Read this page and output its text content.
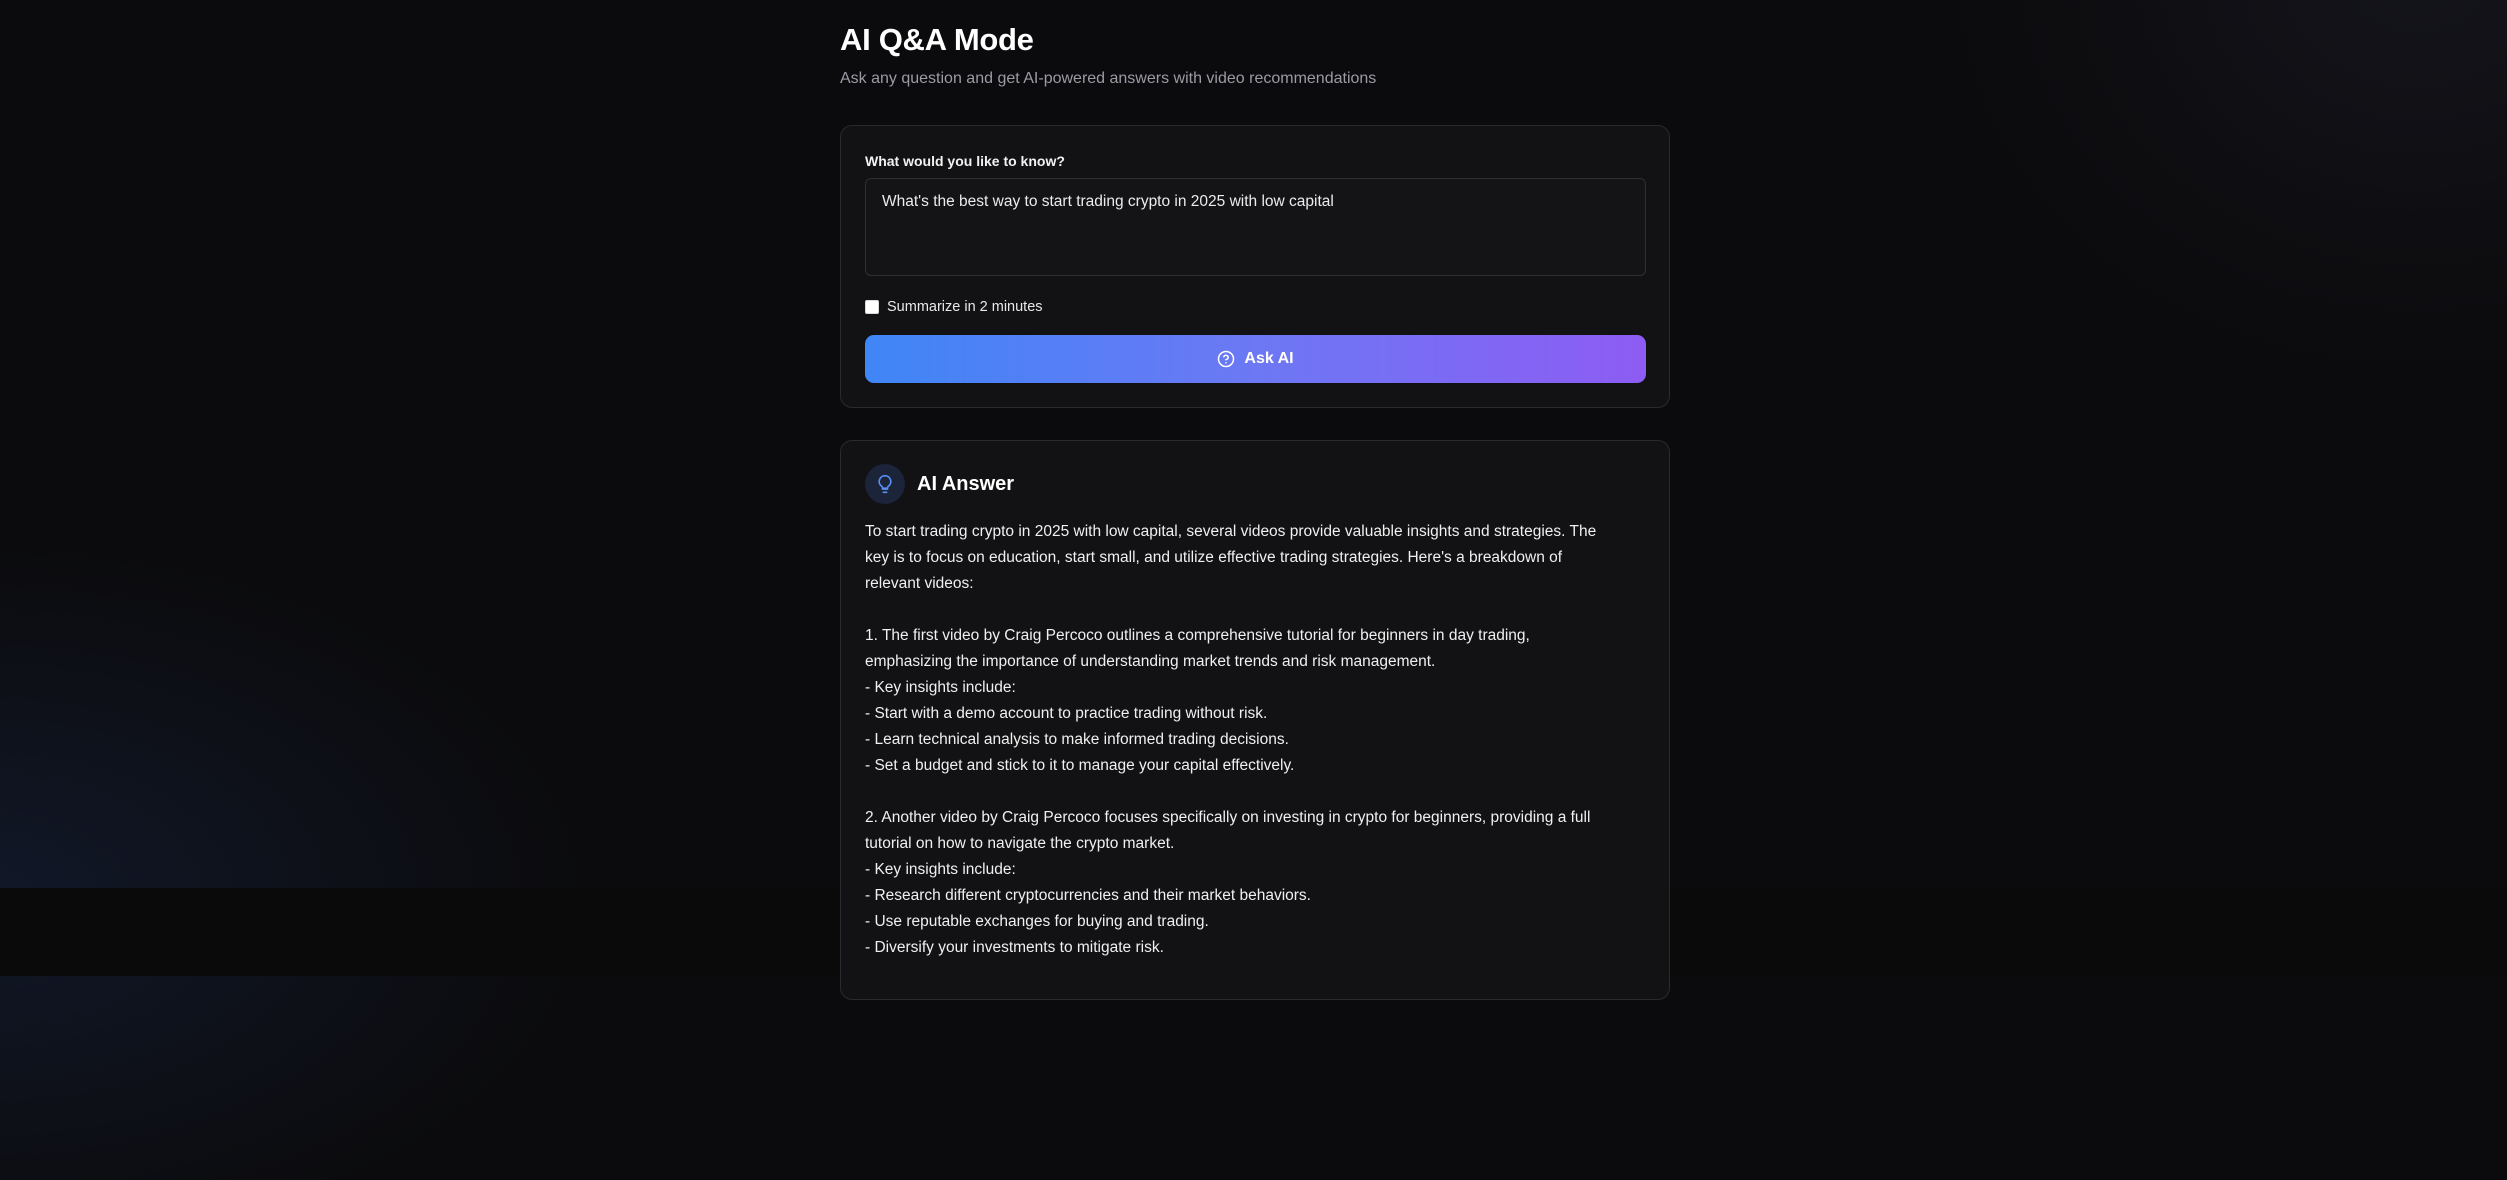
AI Q&A Mode
Ask any question and get AI-powered answers with video recommendations
What would you like to know?
What's the best way to start trading crypto in 2025 with low capital
Summarize in 2 minutes
Ask AI
AI Answer
To start trading crypto in 2025 with low capital, several videos provide valuable insights and strategies. The
key is to focus on education, start small, and utilize effective trading strategies. Here's a breakdown of
relevant videos:
1. The first video by Craig Percoco outlines a comprehensive tutorial for beginners in day trading,
emphasizing the importance of understanding market trends and risk management.
- Key insights include:
- Start with a demo account to practice trading without risk.
- Learn technical analysis to make informed trading decisions.
- Set a budget and stick to it to manage your capital effectively.
2. Another video by Craig Percoco focuses specifically on investing in crypto for beginners, providing a full
tutorial on how to navigate the crypto market.
- Key insights include:
- Research different cryptocurrencies and their market behaviors.
- Use reputable exchanges for buying and trading.
- Diversify your investments to mitigate risk.
